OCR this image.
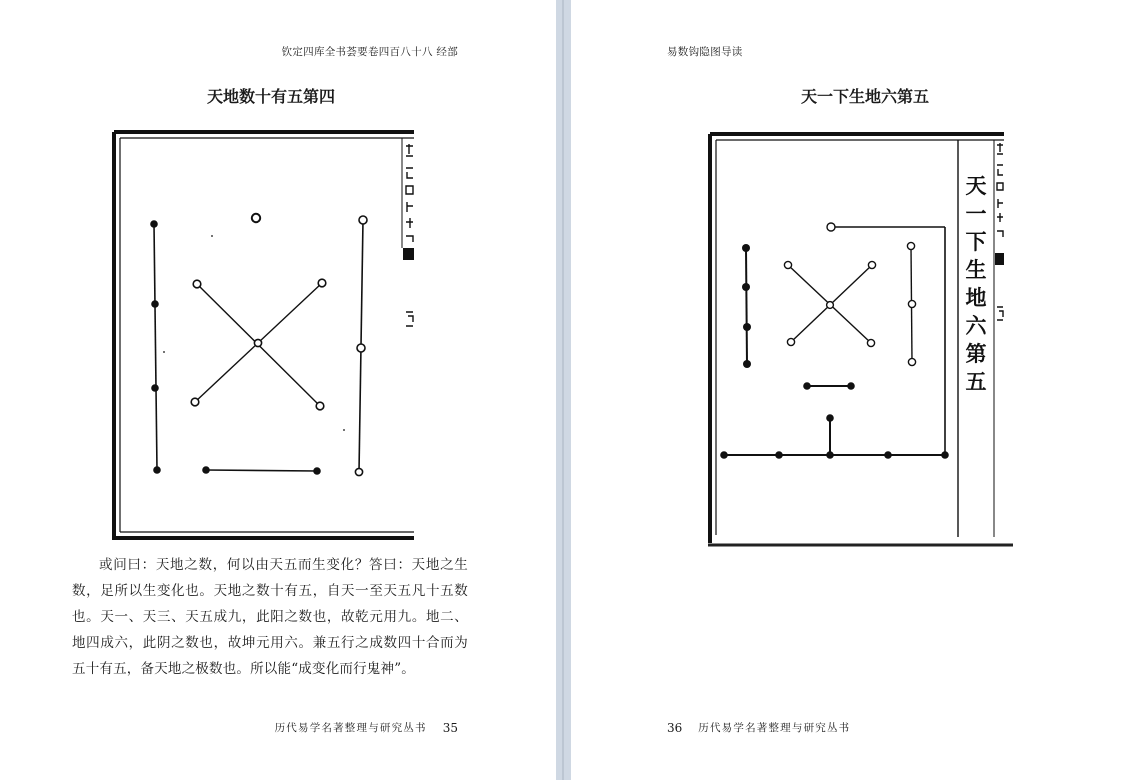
钦定四库全书荟要卷四百八十八 经部
天地数十有五第四

或问曰：天地之数，何以由天五而生变化？答曰：天地之生数，足所以生变化也。天地之数十有五，自天一至天五凡十五数也。天一、天三、天五成九，此阳之数也，故乾元用九。地二、地四成六，此阴之数也，故坤元用六。兼五行之成数四十合而为五十有五，备天地之极数也。所以能“成变化而行鬼神”。

历代易学名著整理与研究丛书 35
易数钩隐图导读
天一下生地六第五
天一下生地六第五
36 历代易学名著整理与研究丛书
